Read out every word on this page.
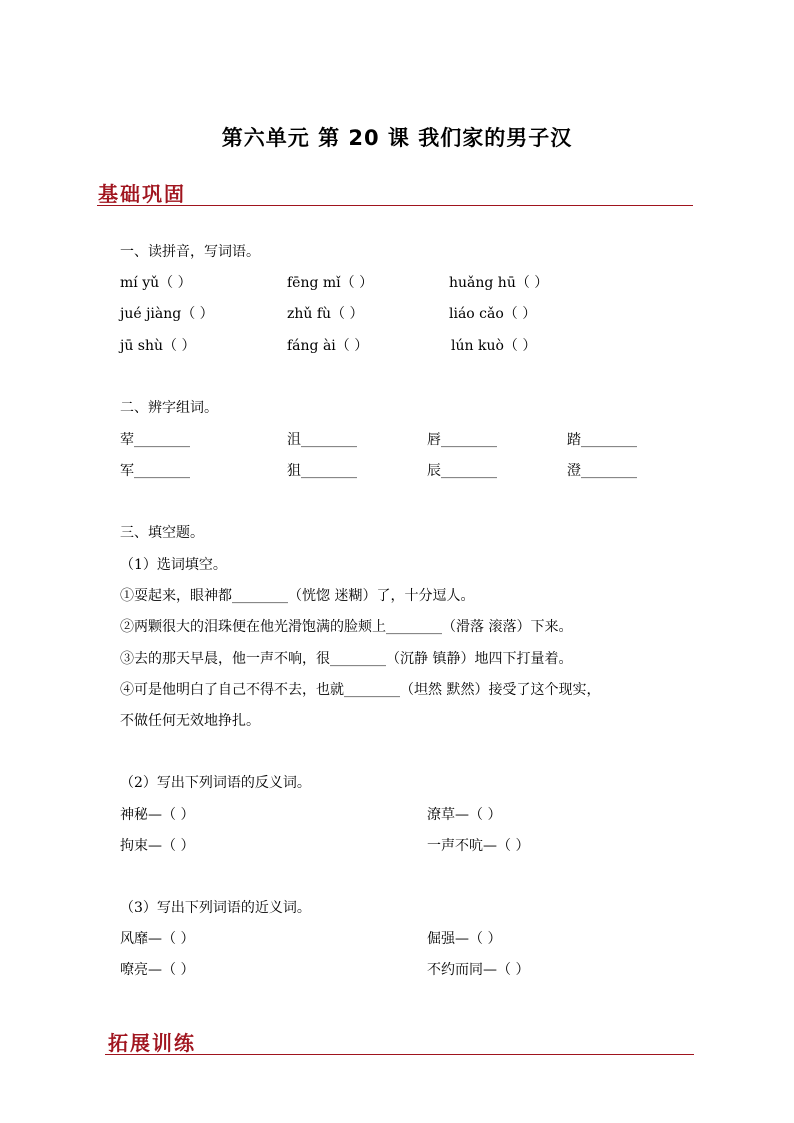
第六单元 第 20 课 我们家的男子汉
基础巩固
一、读拼音，写词语。
mí yǔ（ ）	fēng mǐ（ ）	huǎng hū（ ）
jué jiàng（ ）	zhǔ fù（ ）	liáo cǎo（ ）
jū shù（ ）	fáng ài（ ）	lún kuò（ ）
二、辨字组词。
荤________	沮________	唇________	踏________
军________	狙________	辰________	澄________
三、填空题。
（1）选词填空。
①耍起来，眼神都________（恍惚 迷糊）了，十分逗人。
②两颗很大的泪珠便在他光滑饱满的脸颊上________（滑落 滚落）下来。
③去的那天早晨，他一声不响，很________（沉静 镇静）地四下打量着。
④可是他明白了自己不得不去，也就________（坦然 默然）接受了这个现实，
不做任何无效地挣扎。
（2）写出下列词语的反义词。
神秘—（ ）	潦草—（ ）
拘束—（ ）	一声不吭—（ ）
（3）写出下列词语的近义词。
风靡—（ ）	倔强—（ ）
嘹亮—（ ）	不约而同—（ ）
拓展训练
